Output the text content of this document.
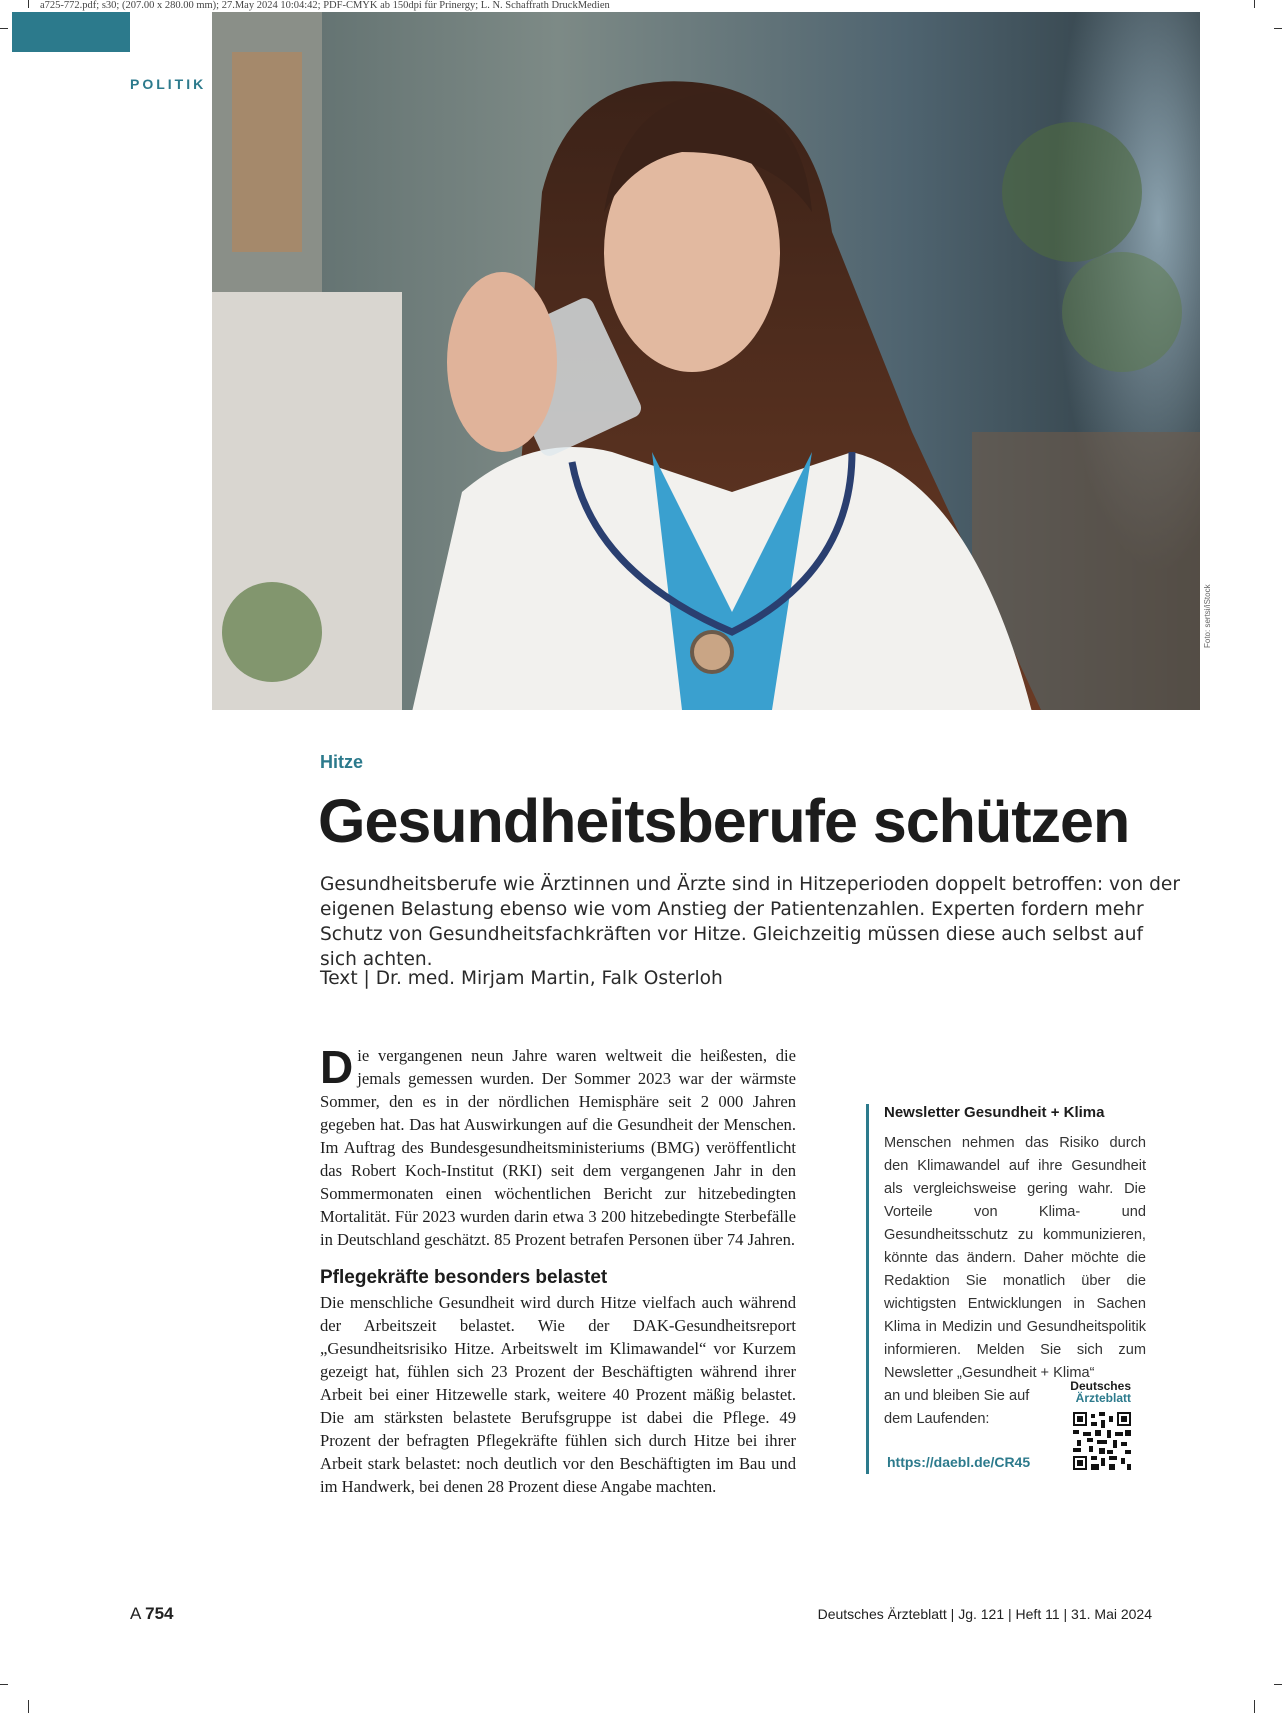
a725-772.pdf; s30; (207.00 x 280.00 mm); 27.May 2024 10:04:42; PDF-CMYK ab 150dpi für Prinergy; L. N. Schaffrath DruckMedien
POLITIK
Foto: sertsi/iStock
Hitze
Gesundheitsberufe schützen
Gesundheitsberufe wie Ärztinnen und Ärzte sind in Hitzeperioden doppelt betroffen: von der eigenen Belastung ebenso wie vom Anstieg der Patientenzahlen. Experten fordern mehr Schutz von Gesundheitsfachkräften vor Hitze. Gleichzeitig müssen diese auch selbst auf sich achten.
Text | Dr. med. Mirjam Martin, Falk Osterloh

Die vergangenen neun Jahre waren weltweit die heißesten, die jemals gemessen wurden. Der Sommer 2023 war der wärmste Sommer, den es in der nördlichen Hemisphäre seit 2 000 Jahren gegeben hat. Das hat Auswirkungen auf die Gesundheit der Menschen. Im Auftrag des Bundesgesundheitsministeriums (BMG) veröffentlicht das Robert Koch-Institut (RKI) seit dem vergangenen Jahr in den Sommermonaten einen wöchentlichen Bericht zur hitzebedingten Mortalität. Für 2023 wurden darin etwa 3 200 hitzebedingte Sterbefälle in Deutschland geschätzt. 85 Prozent betrafen Personen über 74 Jahren.

Pflegekräfte besonders belastet

Die menschliche Gesundheit wird durch Hitze vielfach auch während der Arbeitszeit belastet. Wie der DAK-Gesundheitsreport „Gesundheitsrisiko Hitze. Arbeitswelt im Klimawandel“ vor Kurzem gezeigt hat, fühlen sich 23 Prozent der Beschäftigten während ihrer Arbeit bei einer Hitzewelle stark, weitere 40 Prozent mäßig belastet. Die am stärksten belastete Berufsgruppe ist dabei die Pflege. 49 Prozent der befragten Pflegekräfte fühlen sich durch Hitze bei ihrer Arbeit stark belastet: noch deutlich vor den Beschäftigten im Bau und im Handwerk, bei denen 28 Prozent diese Angabe machten.

Newsletter Gesundheit + Klima
Menschen nehmen das Risiko durch den Klimawandel auf ihre Gesundheit als vergleichsweise gering wahr. Die Vorteile von Klima- und Gesundheitsschutz zu kommunizieren, könnte das ändern. Daher möchte die Redaktion Sie monatlich über die wichtigsten Entwicklungen in Sachen Klima in Medizin und Gesundheitspolitik informieren. Melden Sie sich zum Newsletter „Gesundheit + Klima“
an und bleiben Sie auf dem Laufenden:
https://daebl.de/CR45
Deutsches
Ärzteblatt
A 754	Deutsches Ärzteblatt | Jg. 121 | Heft 11 | 31. Mai 2024
